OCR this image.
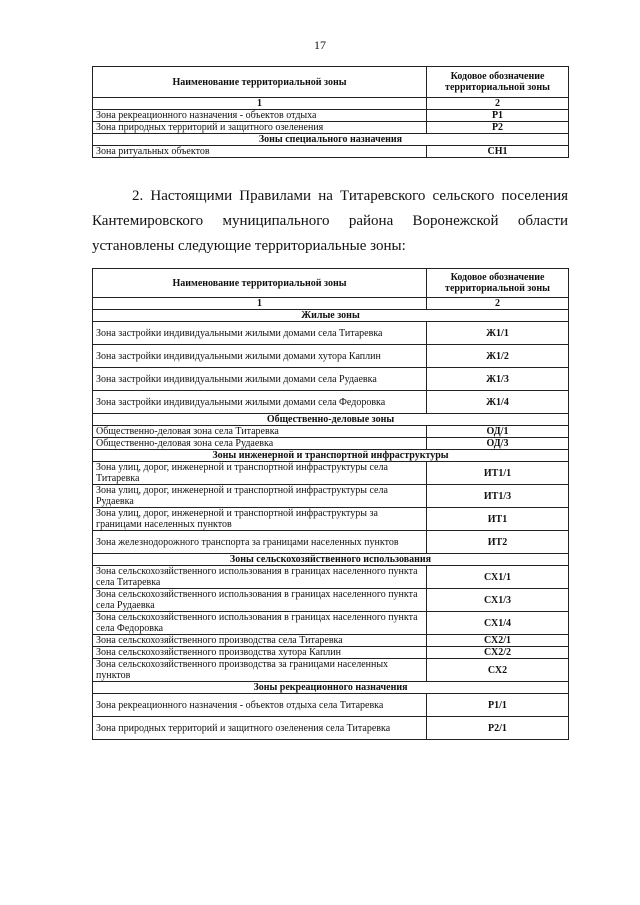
17
Наименование территориальной зоны	Кодовое обозначение территориальной зоны
1	2
Зона рекреационного назначения - объектов отдыха	Р1
Зона природных территорий и защитного озеленения	Р2
Зоны специального назначения	
Зона ритуальных объектов	СН1
2. Настоящими Правилами на Титаревского сельского поселения Кантемировского муниципального района Воронежской области установлены следующие территориальные зоны:
Наименование территориальной зоны	Кодовое обозначение территориальной зоны
1	2
Жилые зоны	
Зона застройки индивидуальными жилыми домами села Титаревка	Ж1/1
Зона застройки индивидуальными жилыми домами хутора Каплин	Ж1/2
Зона застройки индивидуальными жилыми домами села Рудаевка	Ж1/3
Зона застройки индивидуальными жилыми домами села Федоровка	Ж1/4
Общественно-деловые зоны	
Общественно-деловая зона села Титаревка	ОД/1
Общественно-деловая зона села Рудаевка	ОД/3
Зоны инженерной и транспортной инфраструктуры	
Зона улиц, дорог, инженерной и транспортной инфраструктуры села Титаревка	ИТ1/1
Зона улиц, дорог, инженерной и транспортной инфраструктуры села Рудаевка	ИТ1/3
Зона улиц, дорог, инженерной и транспортной инфраструктуры за границами населенных пунктов	ИТ1
Зона железнодорожного транспорта за границами населенных пунктов	ИТ2
Зоны сельскохозяйственного использования	
Зона сельскохозяйственного использования в границах населенного пункта села Титаревка	СХ1/1
Зона сельскохозяйственного использования в границах населенного пункта села Рудаевка	СХ1/3
Зона сельскохозяйственного использования в границах населенного пункта села Федоровка	СХ1/4
Зона сельскохозяйственного производства села Титаревка	СХ2/1
Зона сельскохозяйственного производства хутора Каплин	СХ2/2
Зона сельскохозяйственного производства за границами населенных пунктов	СХ2
Зоны рекреационного назначения	
Зона рекреационного назначения - объектов отдыха села Титаревка	Р1/1
Зона природных территорий и защитного озеленения села Титаревка	Р2/1
